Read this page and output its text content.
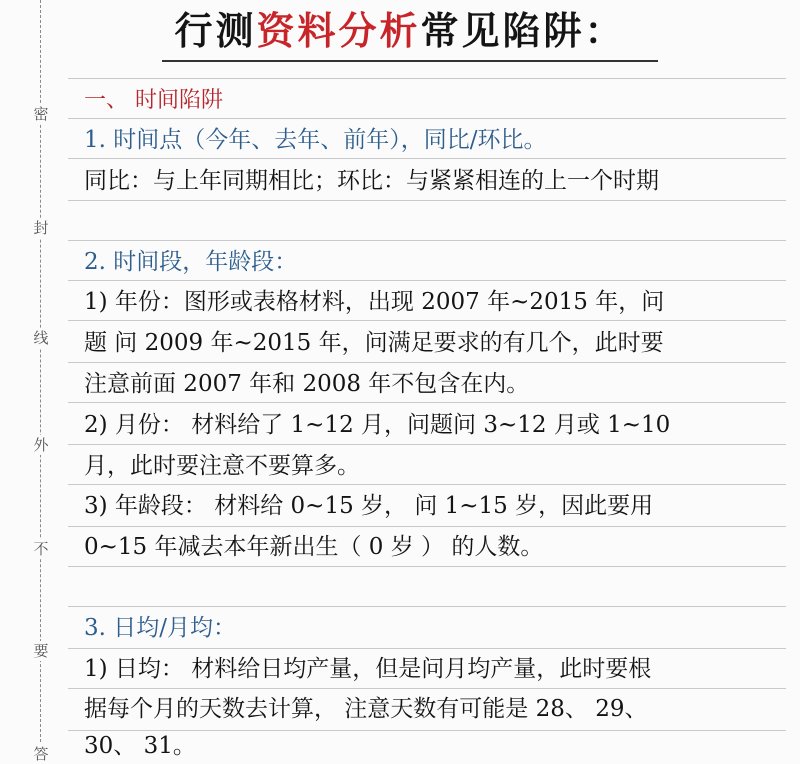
密
封
线
外
不
要
答
行测资料分析常见陷阱：
一、 时间陷阱
1. 时间点（今年、去年、前年），同比/环比。
同比：与上年同期相比；环比：与紧紧相连的上一个时期
2. 时间段，年龄段：
1) 年份：图形或表格材料，出现 2007 年~2015 年，问
题 问 2009 年~2015 年，问满足要求的有几个，此时要
注意前面 2007 年和 2008 年不包含在内。
2) 月份： 材料给了 1~12 月，问题问 3~12 月或 1~10
月，此时要注意不要算多。
3) 年龄段： 材料给 0~15 岁， 问 1~15 岁，因此要用
0~15 年减去本年新出生（ 0 岁 ） 的人数。
3. 日均/月均：
1) 日均： 材料给日均产量，但是问月均产量，此时要根
据每个月的天数去计算， 注意天数有可能是 28、 29、
30、 31。
